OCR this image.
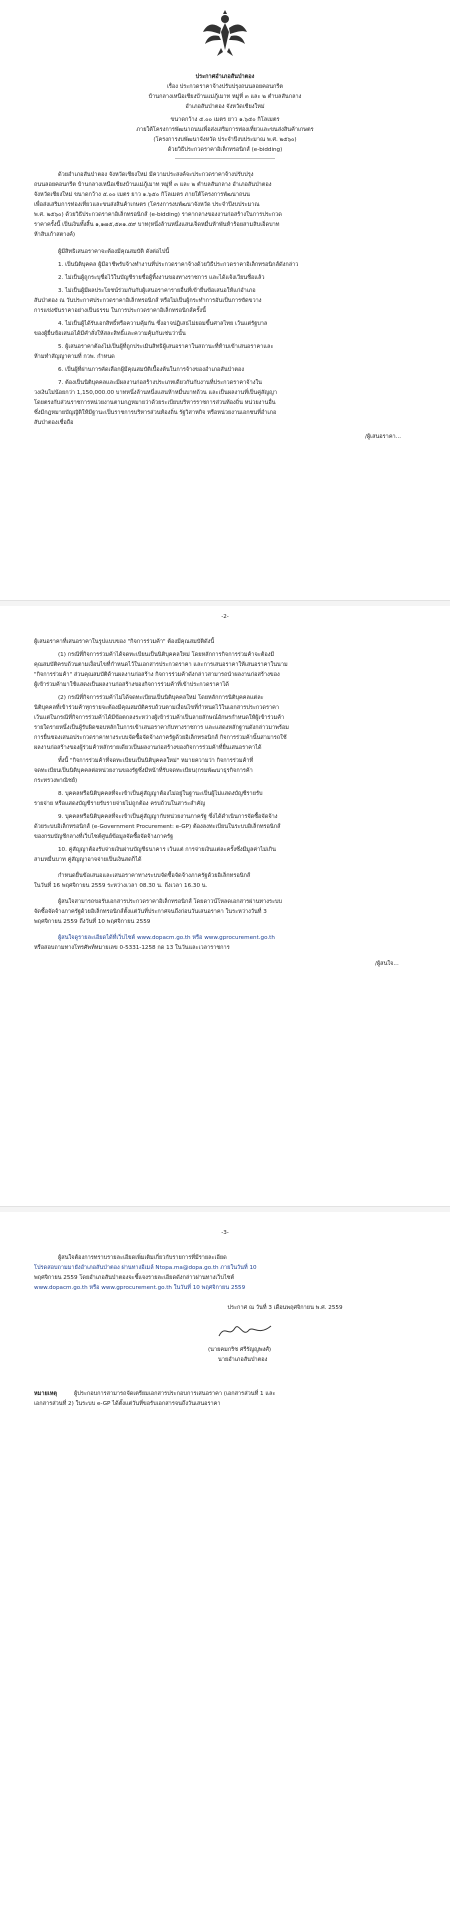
ประกาศอำเภอสันป่าตอง
เรื่อง ประกวดราคาจ้างปรับปรุงถนนลอยคอนกรีต
บ้านกลางเหนือเชียงบ้านแม่ภู้เมาท หมู่ที่ ๓ และ ๒ ตำบลสันกลาง
อำเภอสันป่าตอง จังหวัดเชียงใหม่
ขนาดกว้าง ๕.๐๐ เมตร ยาว ๑.๖๕๐ กิโลเมตร
ภายใต้โครงการพัฒนาถนนเพื่อส่งเสริมการท่องเที่ยวและขนส่งสินค้าเกษตร
(โครงการงบพัฒนาจังหวัด ประจำปีงบประมาณ พ.ศ. ๒๕๖๐)
ด้วยวิธีประกวดราคาอิเล็กทรอนิกส์ (e-bidding)
ด้วยอำเภอสันป่าตอง จังหวัดเชียงใหม่ มีความประสงค์จะประกวดราคาจ้างปรับปรุง
ถนนลอยคอนกรีต บ้านกลางเหนือเชียงบ้านแม่ภู้เมาท หมู่ที่ ๓ และ ๒ ตำบลสันกลาง อำเภอสันป่าตอง
จังหวัดเชียงใหม่ ขนาดกว้าง ๕.๐๐ เมตร ยาว ๑.๖๕๐ กิโลเมตร ภายใต้โครงการพัฒนาถนน
เพื่อส่งเสริมการท่องเที่ยวและขนส่งสินค้าเกษตร (โครงการงบพัฒนาจังหวัด ประจำปีงบประมาณ
พ.ศ. ๒๕๖๐) ด้วยวิธีประกวดราคาอิเล็กทรอนิกส์ (e-bidding) ราคากลางของงานก่อสร้างในการประกวด
ราคาครั้งนี้ เป็นเงินทั้งสิ้น ๑,๑๗๕,๕๓๑.๕๙ บาท(หนึ่งล้านหนึ่งแสนเจ็ดหมื่นห้าพันห้าร้อยสามสิบเอ็ดบาท
ห้าสิบเก้าสตางค์)
ผู้มีสิทธิเสนอราคาจะต้องมีคุณสมบัติ ดังต่อไปนี้
1. เป็นนิติบุคคล ผู้มีอาชีพรับจ้างทำงานที่ประกวดราคาจ้างด้วยวิธีประกวดราคาอิเล็กทรอนิกส์ดังกล่าว
2. ไม่เป็นผู้ถูกระบุชื่อไว้ในบัญชีรายชื่อผู้ทิ้งงานของทางราชการ และได้แจ้งเวียนชื่อแล้ว
3. ไม่เป็นผู้มีผลประโยชน์ร่วมกันกับผู้เสนอราคารายอื่นที่เข้ายื่นข้อเสนอให้แก่อำเภอ
สันป่าตอง ณ วันประกาศประกวดราคาอิเล็กทรอนิกส์ หรือไม่เป็นผู้กระทำการอันเป็นการขัดขวาง
การแข่งขันราคาอย่างเป็นธรรม ในการประกวดราคาอิเล็กทรอนิกส์ครั้งนี้
4. ไม่เป็นผู้ได้รับเอกสิทธิ์หรือความคุ้มกัน ซึ่งอาจปฏิเสธไม่ยอมขึ้นศาลไทย เว้นแต่รัฐบาล
ของผู้ยื่นข้อเสนอได้มีคำสั่งให้สละสิทธิ์และความคุ้มกันเช่นว่านั้น
5. ผู้เสนอราคาต้องไม่เป็นผู้ที่ถูกประเมินสิทธิผู้เสนอราคาในสถานะที่ห้ามเข้าเสนอราคาและ
ห้ามทำสัญญาตามที่ กวพ. กำหนด
6. เป็นผู้ที่ผ่านการคัดเลือกผู้มีคุณสมบัติเบื้องต้นในการจ้างของอำเภอสันป่าตอง
7. ต้องเป็นนิติบุคคลและมีผลงานก่อสร้างประเภทเดียวกันกับงานที่ประกวดราคาจ้างใน
วงเงินไม่น้อยกว่า 1,150,000.00 บาทหนึ่งล้านหนึ่งแสนห้าหมื่นบาทถ้วน และเป็นผลงานที่เป็นคู่สัญญา
โดยตรงกับส่วนราชการหน่วยงานตามกฎหมายว่าด้วยระเบียบบริหารราชการส่วนท้องถิ่น หน่วยงานอื่น
ซึ่งมีกฎหมายบัญญัติให้มีฐานะเป็นราชการบริหารส่วนท้องถิ่น รัฐวิสาหกิจ หรือหน่วยงานเอกชนที่อำเภอ
สันป่าตองเชื่อถือ
/ผู้เสนอราคา...
-2-
ผู้เสนอราคาที่เสนอราคาในรูปแบบของ "กิจการร่วมค้า" ต้องมีคุณสมบัติดังนี้
(1) กรณีที่กิจการร่วมค้าได้จดทะเบียนเป็นนิติบุคคลใหม่ โดยหลักการกิจการร่วมค้าจะต้องมี
คุณสมบัติครบถ้วนตามเงื่อนไขที่กำหนดไว้ในเอกสารประกวดราคา และการเสนอราคาให้เสนอราคาในนาม
"กิจการร่วมค้า" ส่วนคุณสมบัติด้านผลงานก่อสร้าง กิจการร่วมค้าดังกล่าวสามารถนำผลงานก่อสร้างของ
ผู้เข้าร่วมค้ามาใช้แสดงเป็นผลงานก่อสร้างของกิจการร่วมค้าที่เข้าประกวดราคาได้
(2) กรณีที่กิจการร่วมค้าไม่ได้จดทะเบียนเป็นนิติบุคคลใหม่ โดยหลักการนิติบุคคลแต่ละ
นิติบุคคลที่เข้าร่วมค้าทุกรายจะต้องมีคุณสมบัติครบถ้วนตามเงื่อนไขที่กำหนดไว้ในเอกสารประกวดราคา
เว้นแต่ในกรณีที่กิจการร่วมค้าได้มีข้อตกลงระหว่างผู้เข้าร่วมค้าเป็นลายลักษณ์อักษรกำหนดให้ผู้เข้าร่วมค้า
รายใดรายหนึ่งเป็นผู้รับผิดชอบหลักในการเข้าเสนอราคากับทางราชการ และแสดงหลักฐานดังกล่าวมาพร้อม
การยื่นซองเสนอประกวดราคาทางระบบจัดซื้อจัดจ้างภาครัฐด้วยอิเล็กทรอนิกส์ กิจการร่วมค้านั้นสามารถใช้
ผลงานก่อสร้างของผู้ร่วมค้าหลักรายเดียวเป็นผลงานก่อสร้างของกิจการร่วมค้าที่ยื่นเสนอราคาได้
ทั้งนี้ "กิจการร่วมค้าที่จดทะเบียนเป็นนิติบุคคลใหม่" หมายความว่า กิจการร่วมค้าที่
จดทะเบียนเป็นนิติบุคคลต่อหน่วยงานของรัฐซึ่งมีหน้าที่รับจดทะเบียน(กรมพัฒนาธุรกิจการค้า
กระทรวงพาณิชย์)
8. บุคคลหรือนิติบุคคลที่จะเข้าเป็นคู่สัญญาต้องไม่อยู่ในฐานะเป็นผู้ไม่แสดงบัญชีรายรับ
รายจ่าย หรือแสดงบัญชีรายรับรายจ่ายไม่ถูกต้อง ครบถ้วนในสาระสำคัญ
9. บุคคลหรือนิติบุคคลที่จะเข้าเป็นคู่สัญญากับหน่วยงานภาครัฐ ซึ่งได้ดำเนินการจัดซื้อจัดจ้าง
ด้วยระบบอิเล็กทรอนิกส์ (e-Government Procurement: e-GP) ต้องลงทะเบียนในระบบอิเล็กทรอนิกส์
ของกรมบัญชีกลางที่เว็บไซต์ศูนย์ข้อมูลจัดซื้อจัดจ้างภาครัฐ
10. คู่สัญญาต้องรับจ่ายเงินผ่านบัญชีธนาคาร เว้นแต่ การจ่ายเงินแต่ละครั้งซึ่งมีมูลค่าไม่เกิน
สามหมื่นบาท คู่สัญญาอาจจ่ายเป็นเงินสดก็ได้
กำหนดยื่นข้อเสนอและเสนอราคาทางระบบจัดซื้อจัดจ้างภาครัฐด้วยอิเล็กทรอนิกส์
ในวันที่ 16 พฤศจิกายน 2559 ระหว่างเวลา 08.30 น. ถึงเวลา 16.30 น.
ผู้สนใจสามารถขอรับเอกสารประกวดราคาอิเล็กทรอนิกส์ โดยดาวน์โหลดเอกสารผ่านทางระบบ
จัดซื้อจัดจ้างภาครัฐด้วยอิเล็กทรอนิกส์ตั้งแต่วันที่ประกาศจนถึงก่อนวันเสนอราคา ในระหว่างวันที่ 3
พฤศจิกายน 2559 ถึงวันที่ 10 พฤศจิกายน 2559
ผู้สนใจดูรายละเอียดได้ที่เว็บไซต์ www.dopacm.go.th หรือ www.gprocurement.go.th
หรือสอบถามทางโทรศัพท์หมายเลข 0-5331-1258 กด 13 ในวันและเวลาราชการ
/ผู้สนใจ...
-3-
ผู้สนใจต้องการทราบรายละเอียดเพิ่มเติมเกี่ยวกับรายการที่มีรายละเอียด
โปรดสอบถามมายังอำเภอสันป่าตอง ผ่านทางอีเมล์ Ntopa.ma@dopa.go.th ภายในวันที่ 10
พฤศจิกายน 2559 โดยอำเภอสันป่าตองจะชี้แจงรายละเอียดดังกล่าวผ่านทางเว็บไซต์
www.dopacm.go.th หรือ www.gprocurement.go.th ในวันที่ 10 พฤศจิกายน 2559
ประกาศ ณ วันที่ 3 เดือนพฤศจิกายน พ.ศ. 2559
(นายคมกริช ศรีรัญญพงศ์)
นายอำเภอสันป่าตอง
หมายเหตุ	ผู้ประกอบการสามารถจัดเตรียมเอกสารประกอบการเสนอราคา (เอกสารส่วนที่ 1 และ
เอกสารส่วนที่ 2) ในระบบ e-GP ได้ตั้งแต่วันที่ขอรับเอกสารจนถึงวันเสนอราคา
